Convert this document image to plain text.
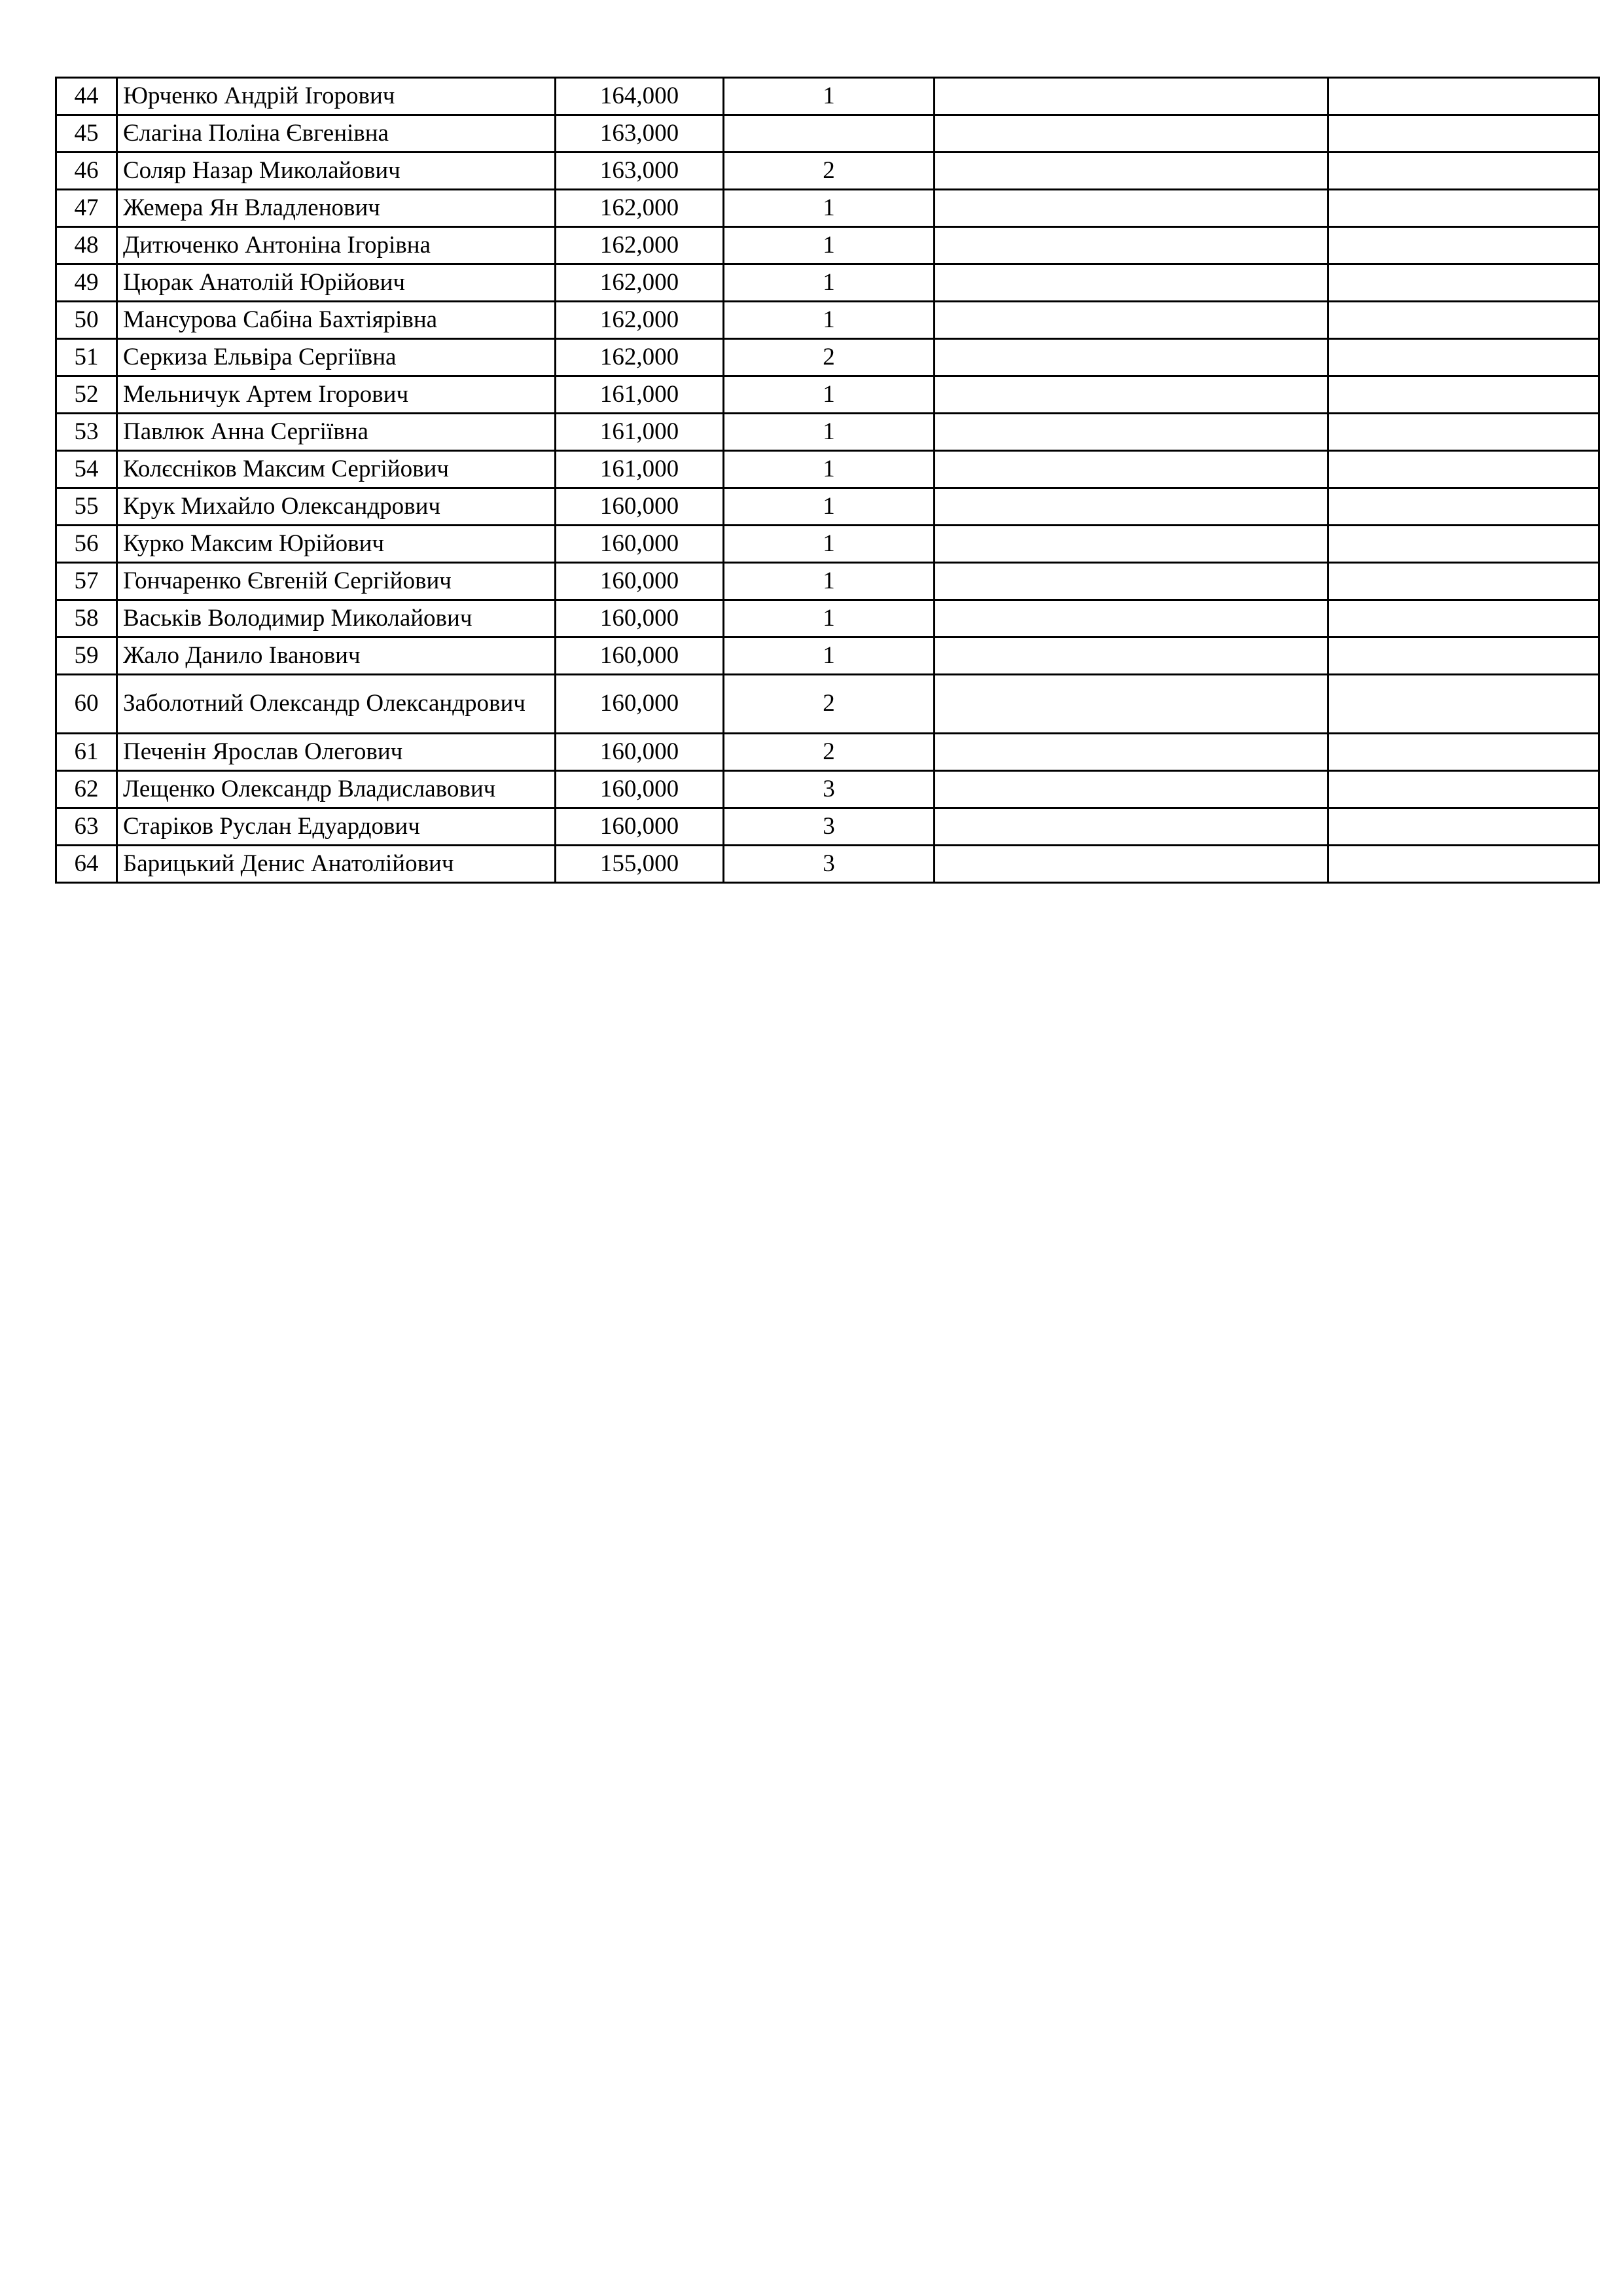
44	Юрченко Андрій Ігорович	164,000	1		
45	Єлагіна Поліна Євгенівна	163,000			
46	Соляр Назар Миколайович	163,000	2		
47	Жемера Ян Владленович	162,000	1		
48	Дитюченко Антоніна Ігорівна	162,000	1		
49	Цюрак Анатолій Юрійович	162,000	1		
50	Мансурова Сабіна Бахтіярівна	162,000	1		
51	Серкиза Ельвіра Сергіївна	162,000	2		
52	Мельничук Артем Ігорович	161,000	1		
53	Павлюк Анна Сергіївна	161,000	1		
54	Колєсніков Максим Сергійович	161,000	1		
55	Крук Михайло Олександрович	160,000	1		
56	Курко Максим Юрійович	160,000	1		
57	Гончаренко Євгеній Сергійович	160,000	1		
58	Васьків Володимир Миколайович	160,000	1		
59	Жало Данило Іванович	160,000	1		
60	Заболотний Олександр Олександрович	160,000	2		
61	Печенін Ярослав Олегович	160,000	2		
62	Лещенко Олександр Владиславович	160,000	3		
63	Старіков Руслан Едуардович	160,000	3		
64	Барицький Денис Анатолійович	155,000	3		
